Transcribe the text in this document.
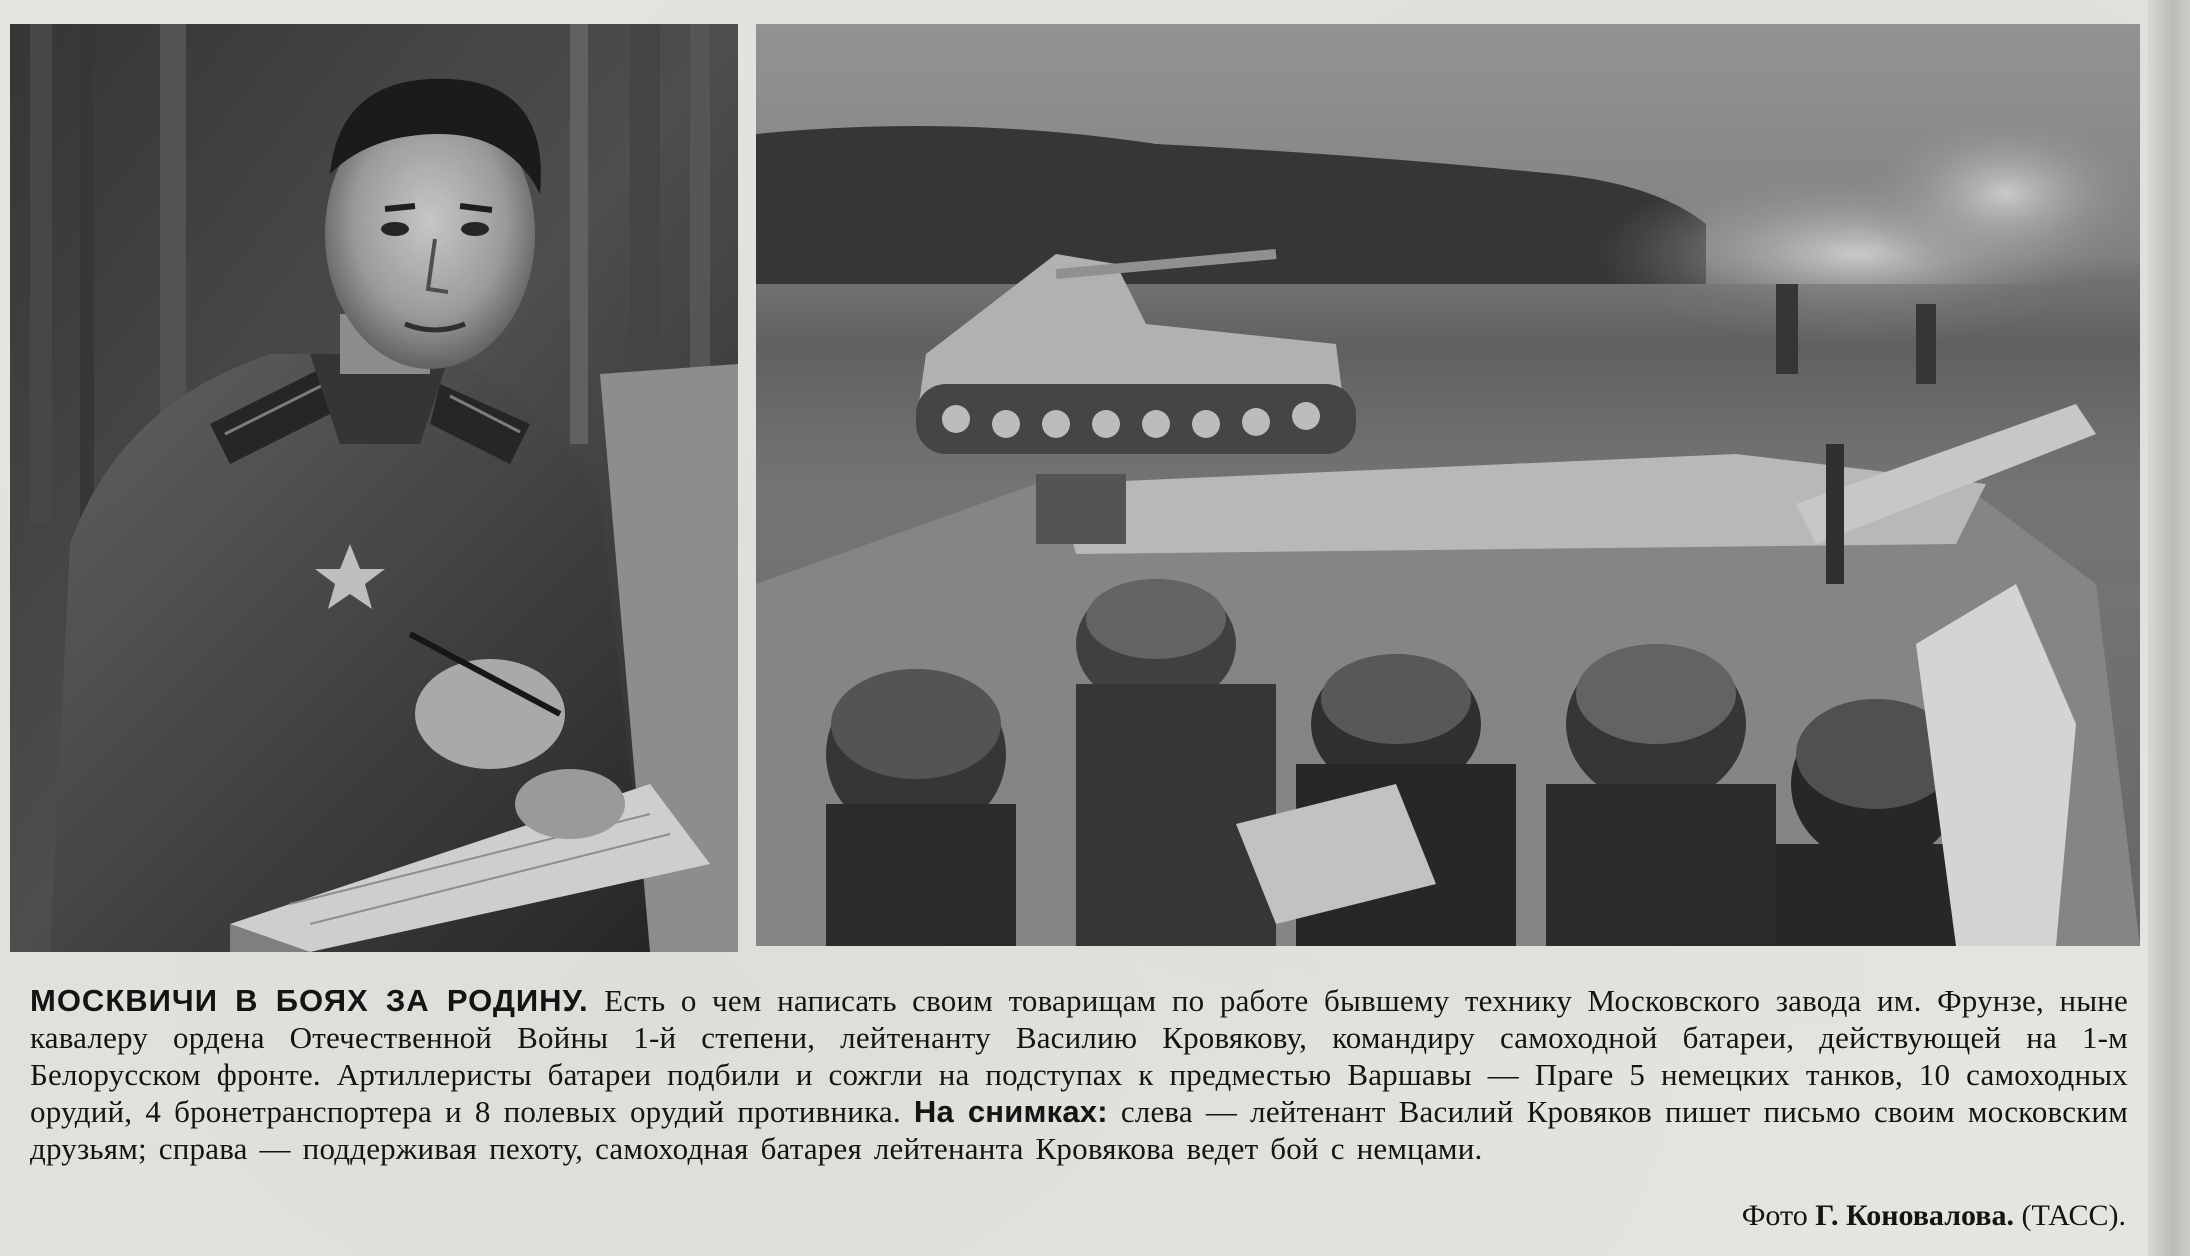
МОСКВИЧИ В БОЯХ ЗА РОДИНУ. Есть о чем написать своим товарищам по работе бывшему технику Московского завода им. Фрунзе, ныне кавалеру ордена Отечественной Войны 1-й степени, лейтенанту Василию Кровякову, командиру самоходной батареи, действующей на 1-м Белорусском фронте. Артиллеристы батареи подбили и сожгли на подступах к предместью Варшавы — Праге 5 немецких танков, 10 самоходных орудий, 4 бронетранспортера и 8 полевых орудий противника. На снимках: слева — лейтенант Василий Кровяков пишет письмо своим московским друзьям; справа — поддерживая пехоту, самоходная батарея лейтенанта Кровякова ведет бой с немцами.
Фото Г. Коновалова. (ТАСС).
